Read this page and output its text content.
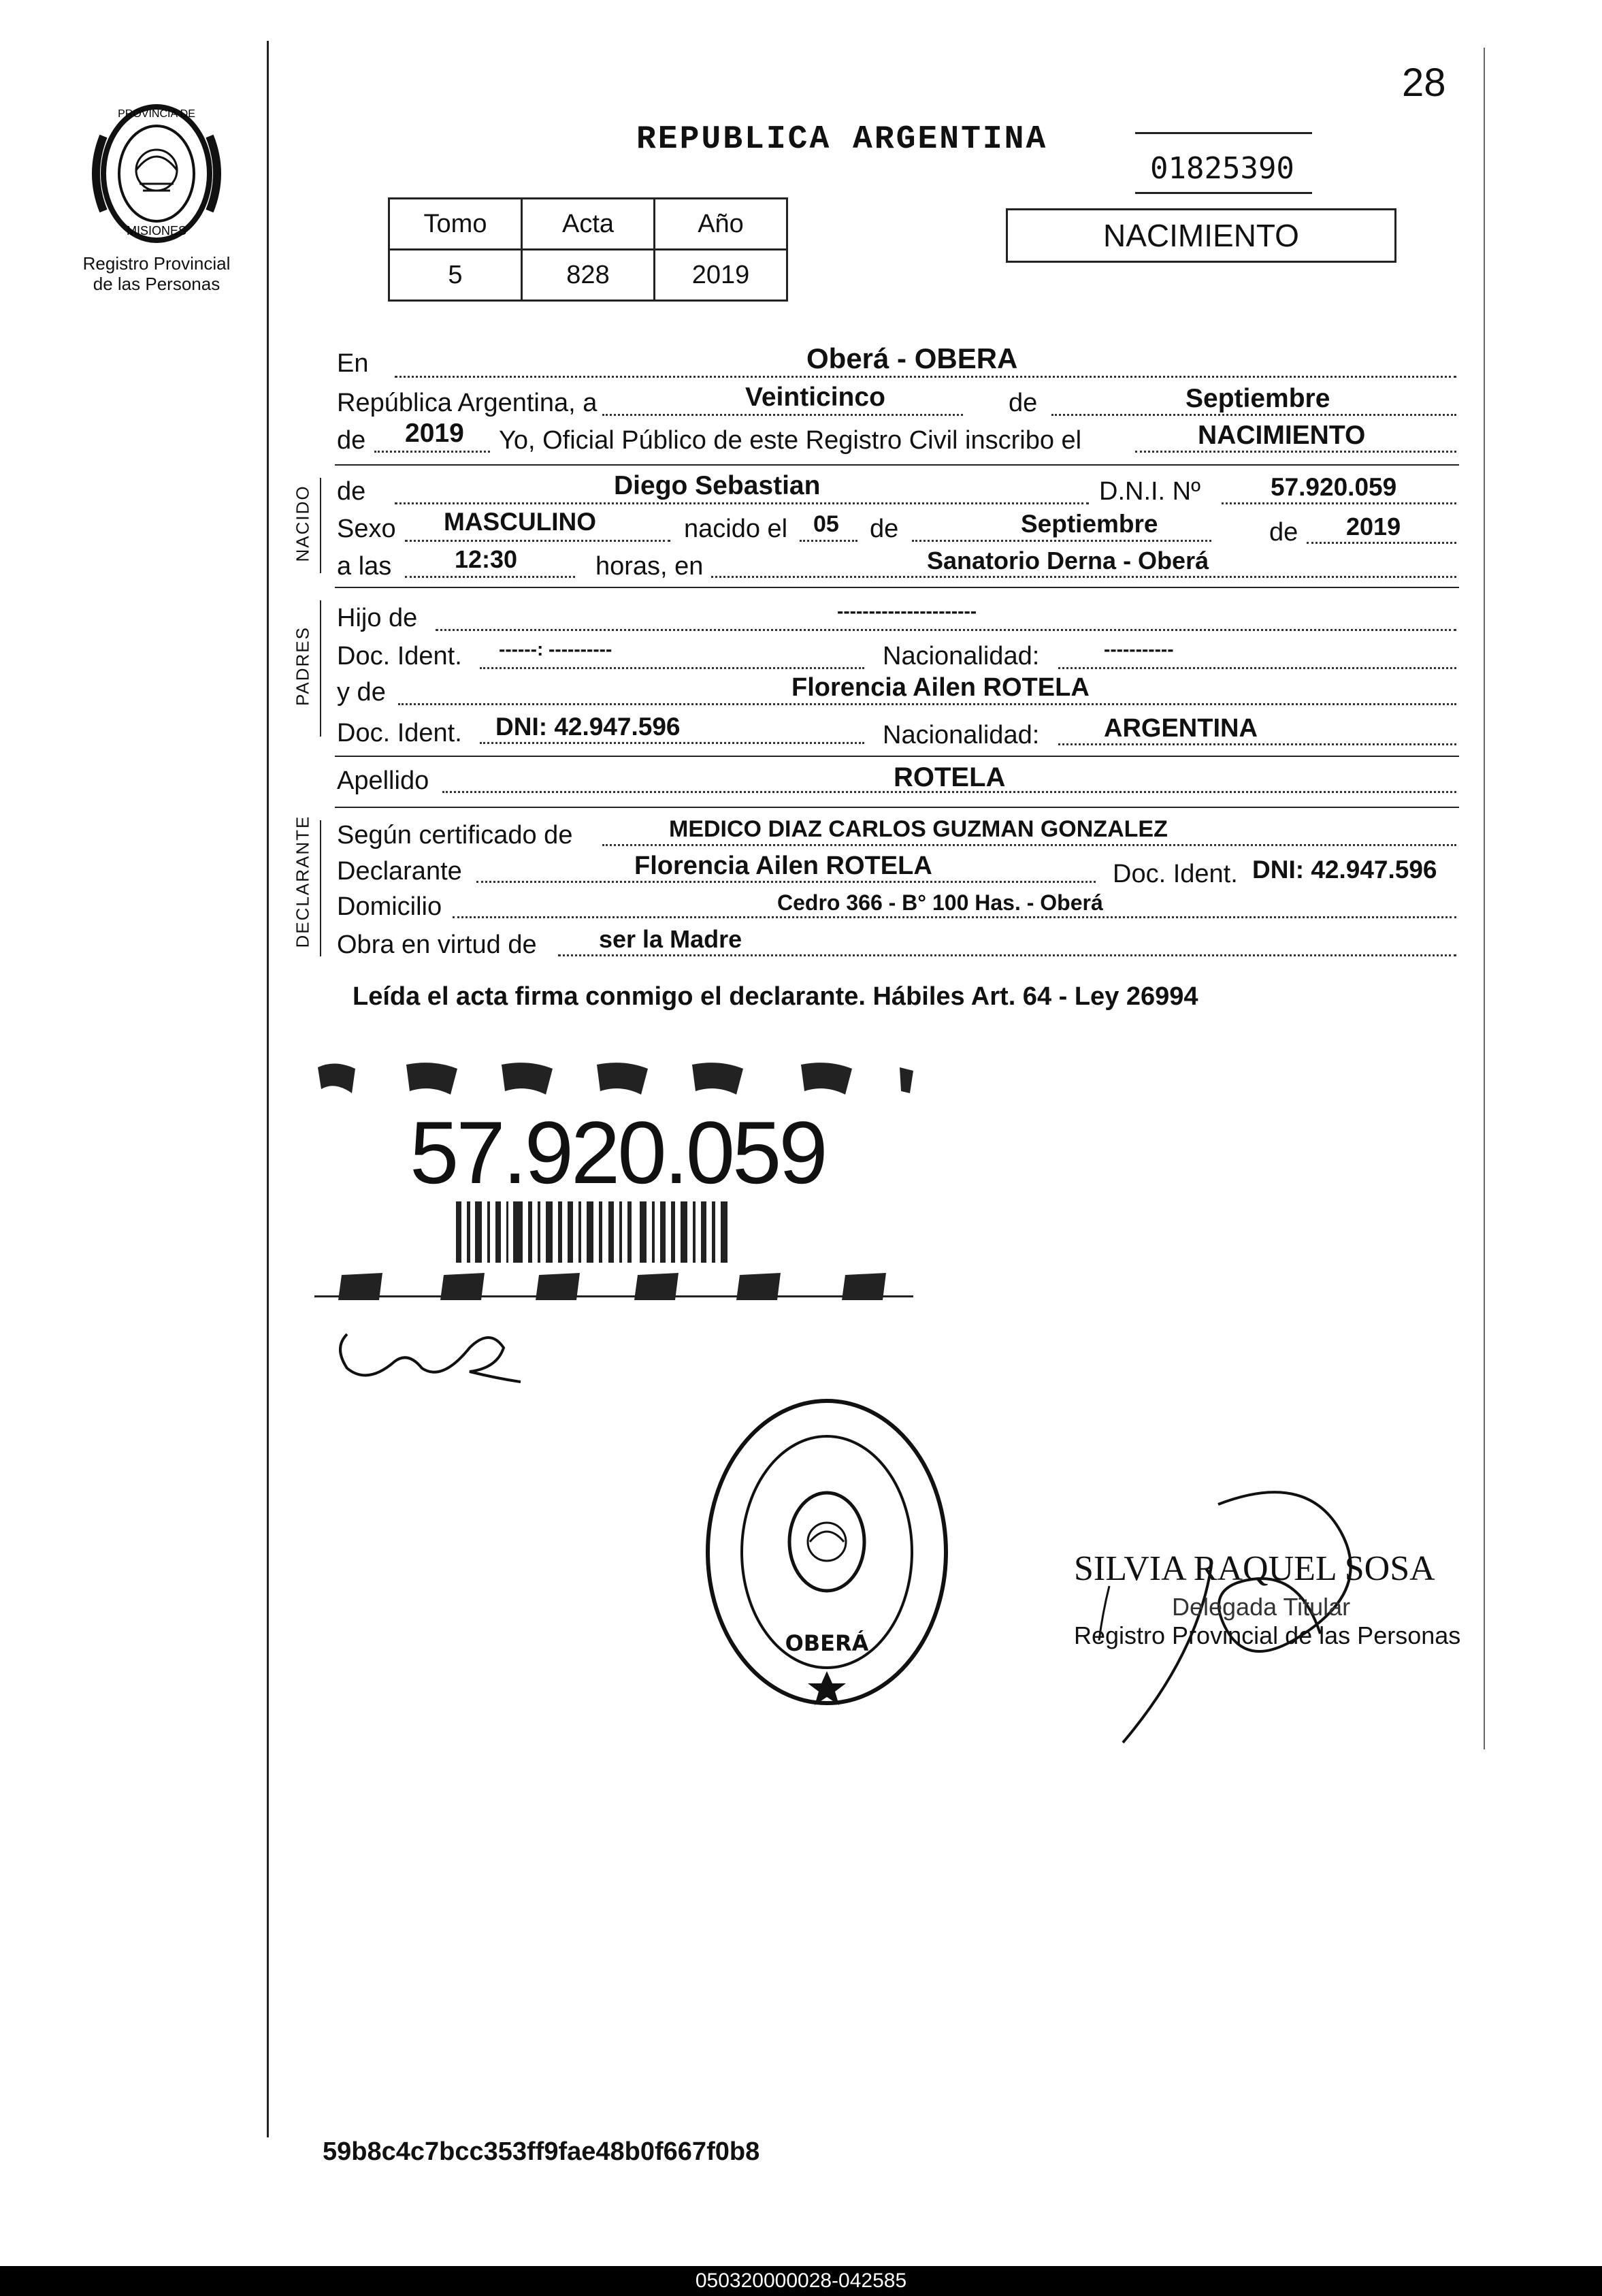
PROVINCIA DE
MISIONES
Registro Provincial
de las Personas
28
REPUBLICA ARGENTINA
01825390
Tomo	Acta	Año
5	828	2019
NACIMIENTO
NACIDO
PADRES
DECLARANTE
En	Oberá - OBERA
República Argentina, a	Veinticinco	de	Septiembre
de 2019 Yo, Oficial Público de este Registro Civil inscribo el	NACIMIENTO
de	Diego Sebastian	D.N.I. Nº	57.920.059
Sexo MASCULINO	nacido el 05 de	Septiembre	de 2019
a las	12:30	horas, en	Sanatorio Derna - Oberá
Hijo de	----------------------
Doc. Ident. ------: ----------	Nacionalidad:	-----------
y de	Florencia Ailen ROTELA
Doc. Ident. DNI: 42.947.596	Nacionalidad: ARGENTINA
Apellido	ROTELA
Según certificado de	MEDICO DIAZ CARLOS GUZMAN GONZALEZ
Declarante	Florencia Ailen ROTELA	Doc. Ident. DNI: 42.947.596
Domicilio	Cedro 366 - B° 100 Has. - Oberá
Obra en virtud de	ser la Madre
Leída el acta firma conmigo el declarante. Hábiles Art. 64 - Ley 26994
57.920.059
OBERÁ
SILVIA RAQUEL SOSA
Delegada Titular
Registro Provincial de las Personas
59b8c4c7bcc353ff9fae48b0f667f0b8
050320000028-042585
